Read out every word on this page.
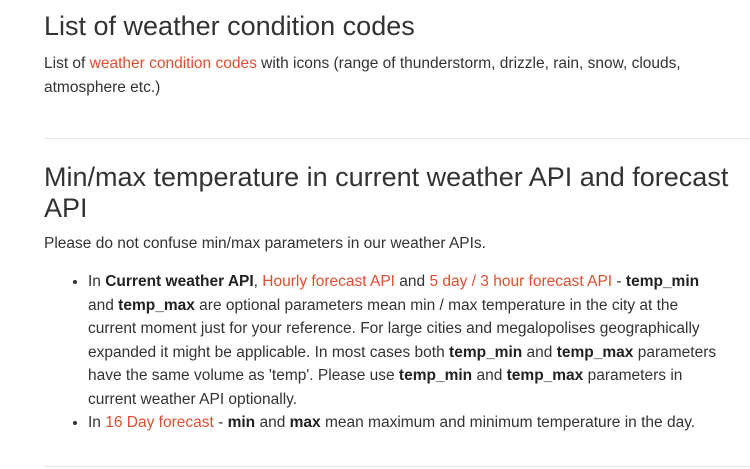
List of weather condition codes

List of weather condition codes with icons (range of thunderstorm, drizzle, rain, snow, clouds, atmosphere etc.)

Min/max temperature in current weather API and forecast API

Please do not confuse min/max parameters in our weather APIs.

• In Current weather API, Hourly forecast API and 5 day / 3 hour forecast API - temp_min and temp_max are optional parameters mean min / max temperature in the city at the current moment just for your reference. For large cities and megalopolises geographically expanded it might be applicable. In most cases both temp_min and temp_max parameters have the same volume as 'temp'. Please use temp_min and temp_max parameters in current weather API optionally.
• In 16 Day forecast - min and max mean maximum and minimum temperature in the day.
